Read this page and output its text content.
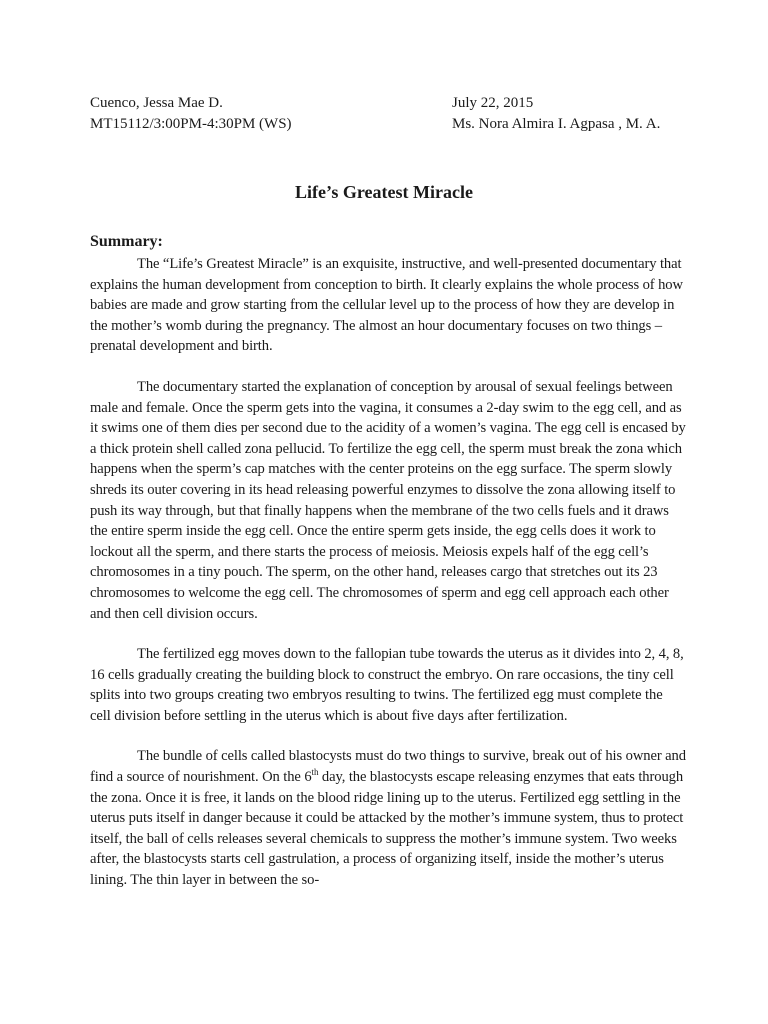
Cuenco, Jessa Mae D.	July 22, 2015
MT15112/3:00PM-4:30PM (WS)	Ms. Nora Almira I. Agpasa , M. A.
Life’s Greatest Miracle
Summary:

The “Life’s Greatest Miracle” is an exquisite, instructive, and well-presented documentary that explains the human development from conception to birth. It clearly explains the whole process of how babies are made and grow starting from the cellular level up to the process of how they are develop in the mother’s womb during the pregnancy. The almost an hour documentary focuses on two things – prenatal development and birth.

The documentary started the explanation of conception by arousal of sexual feelings between male and female. Once the sperm gets into the vagina, it consumes a 2-day swim to the egg cell, and as it swims one of them dies per second due to the acidity of a women’s vagina. The egg cell is encased by a thick protein shell called zona pellucid. To fertilize the egg cell, the sperm must break the zona which happens when the sperm’s cap matches with the center proteins on the egg surface. The sperm slowly shreds its outer covering in its head releasing powerful enzymes to dissolve the zona allowing itself to push its way through, but that finally happens when the membrane of the two cells fuels and it draws the entire sperm inside the egg cell. Once the entire sperm gets inside, the egg cells does it work to lockout all the sperm, and there starts the process of meiosis. Meiosis expels half of the egg cell’s chromosomes in a tiny pouch. The sperm, on the other hand, releases cargo that stretches out its 23 chromosomes to welcome the egg cell. The chromosomes of sperm and egg cell approach each other and then cell division occurs.

The fertilized egg moves down to the fallopian tube towards the uterus as it divides into 2, 4, 8, 16 cells gradually creating the building block to construct the embryo. On rare occasions, the tiny cell splits into two groups creating two embryos resulting to twins. The fertilized egg must complete the cell division before settling in the uterus which is about five days after fertilization.

The bundle of cells called blastocysts must do two things to survive, break out of his owner and find a source of nourishment. On the 6th day, the blastocysts escape releasing enzymes that eats through the zona. Once it is free, it lands on the blood ridge lining up to the uterus. Fertilized egg settling in the uterus puts itself in danger because it could be attacked by the mother’s immune system, thus to protect itself, the ball of cells releases several chemicals to suppress the mother’s immune system. Two weeks after, the blastocysts starts cell gastrulation, a process of organizing itself, inside the mother’s uterus lining. The thin layer in between the so-
